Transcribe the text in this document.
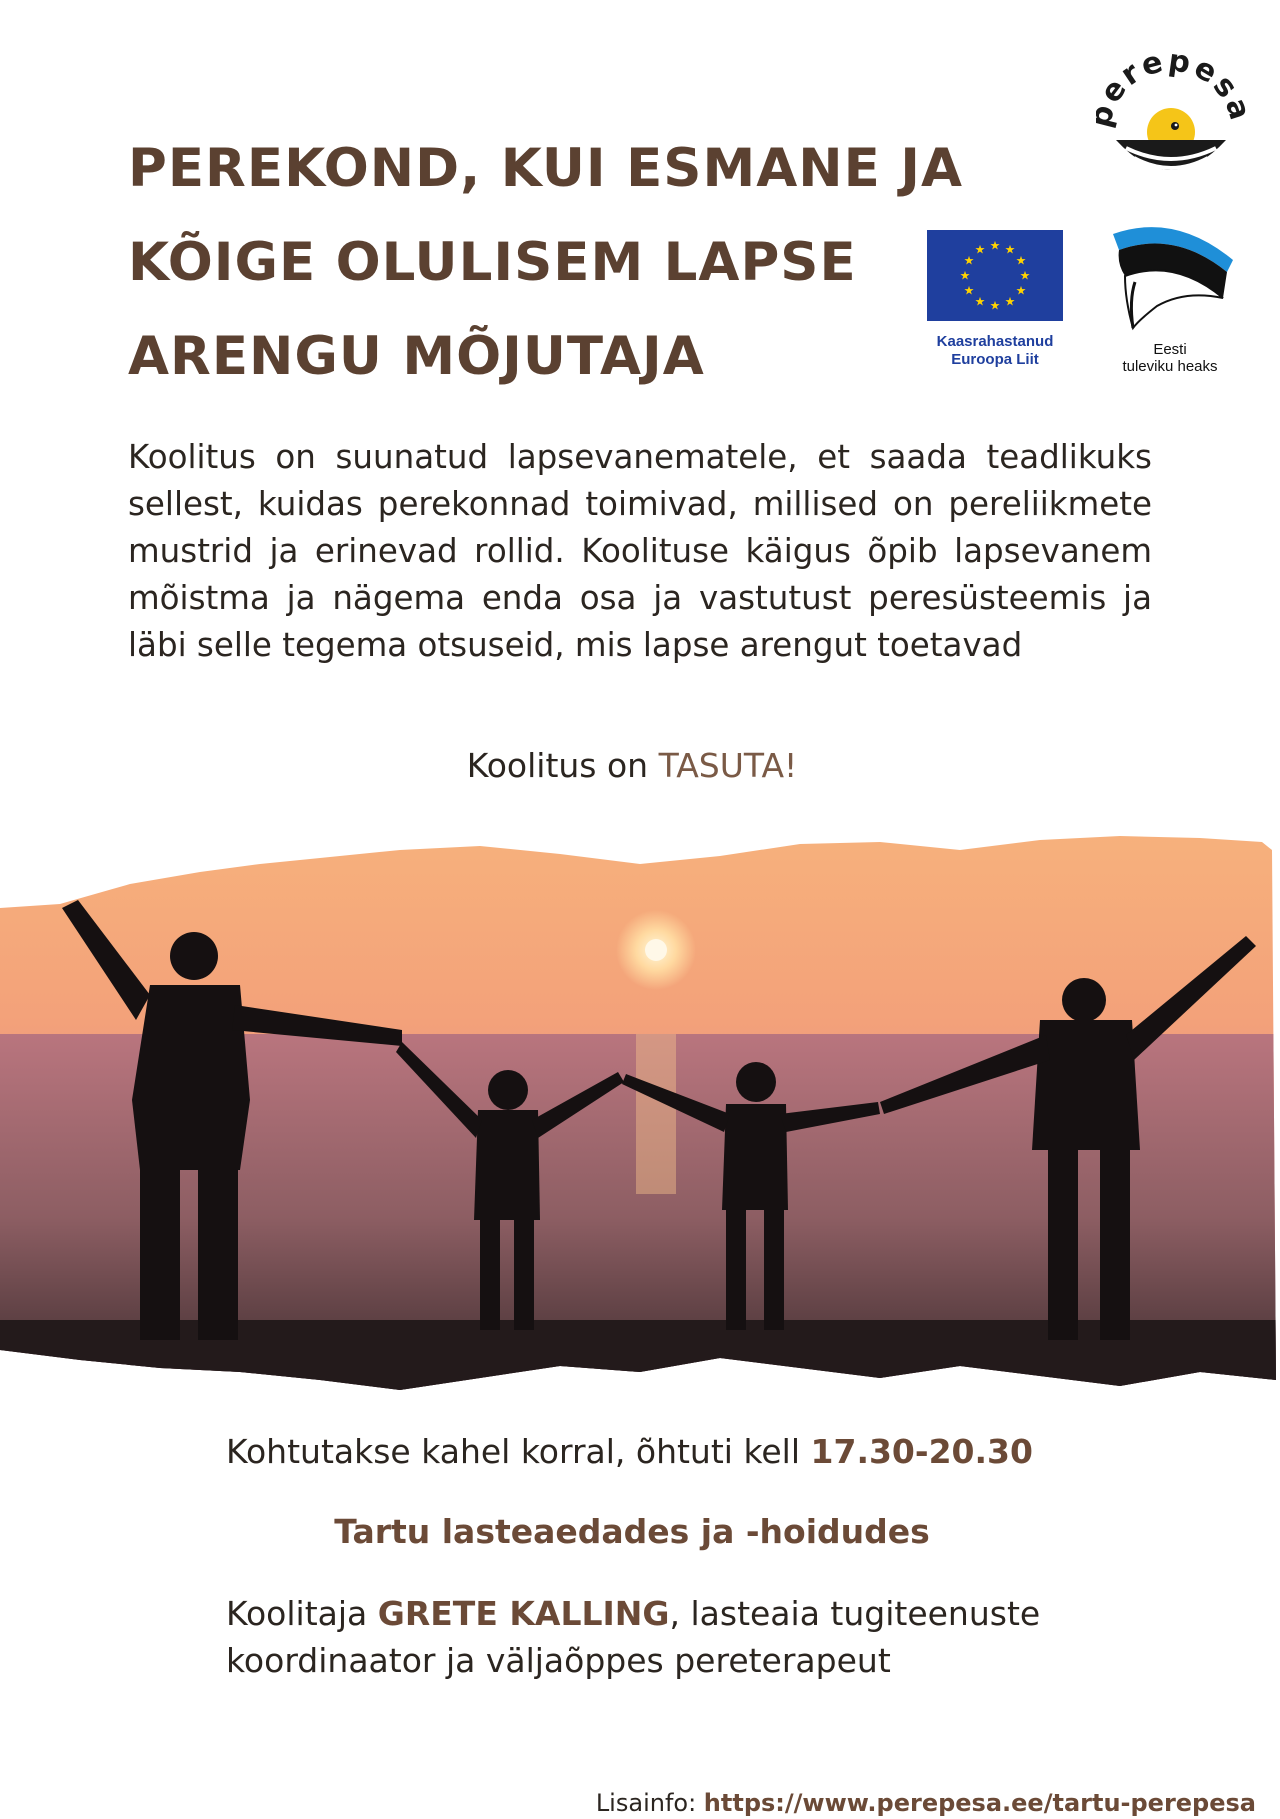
PEREKOND, KUI ESMANE JA
KÕIGE OLULISEM LAPSE
ARENGU MÕJUTAJA
erepes
★ ★
★
★
★
★
★
★
★
★
★
★
Kaasrahastanud
Euroopa Liit
Eesti
tuleviku heaks

Koolitus on suunatud lapsevanematele, et saada teadlikuks sellest, kuidas perekonnad toimivad, millised on pereliikmete mustrid ja erinevad rollid. Koolituse käigus õpib lapsevanem mõistma ja nägema enda osa ja vastutust peresüsteemis ja läbi selle tegema otsuseid, mis lapse arengut toetavad

Koolitus on TASUTA!

Kohtutakse kahel korral, õhtuti kell 17.30-20.30

Tartu lasteaedades ja -hoidudes

Koolitaja GRETE KALLING, lasteaia tugiteenuste koordinaator ja väljaõppes pereterapeut

Lisainfo: https://www.perepesa.ee/tartu-perepesa
